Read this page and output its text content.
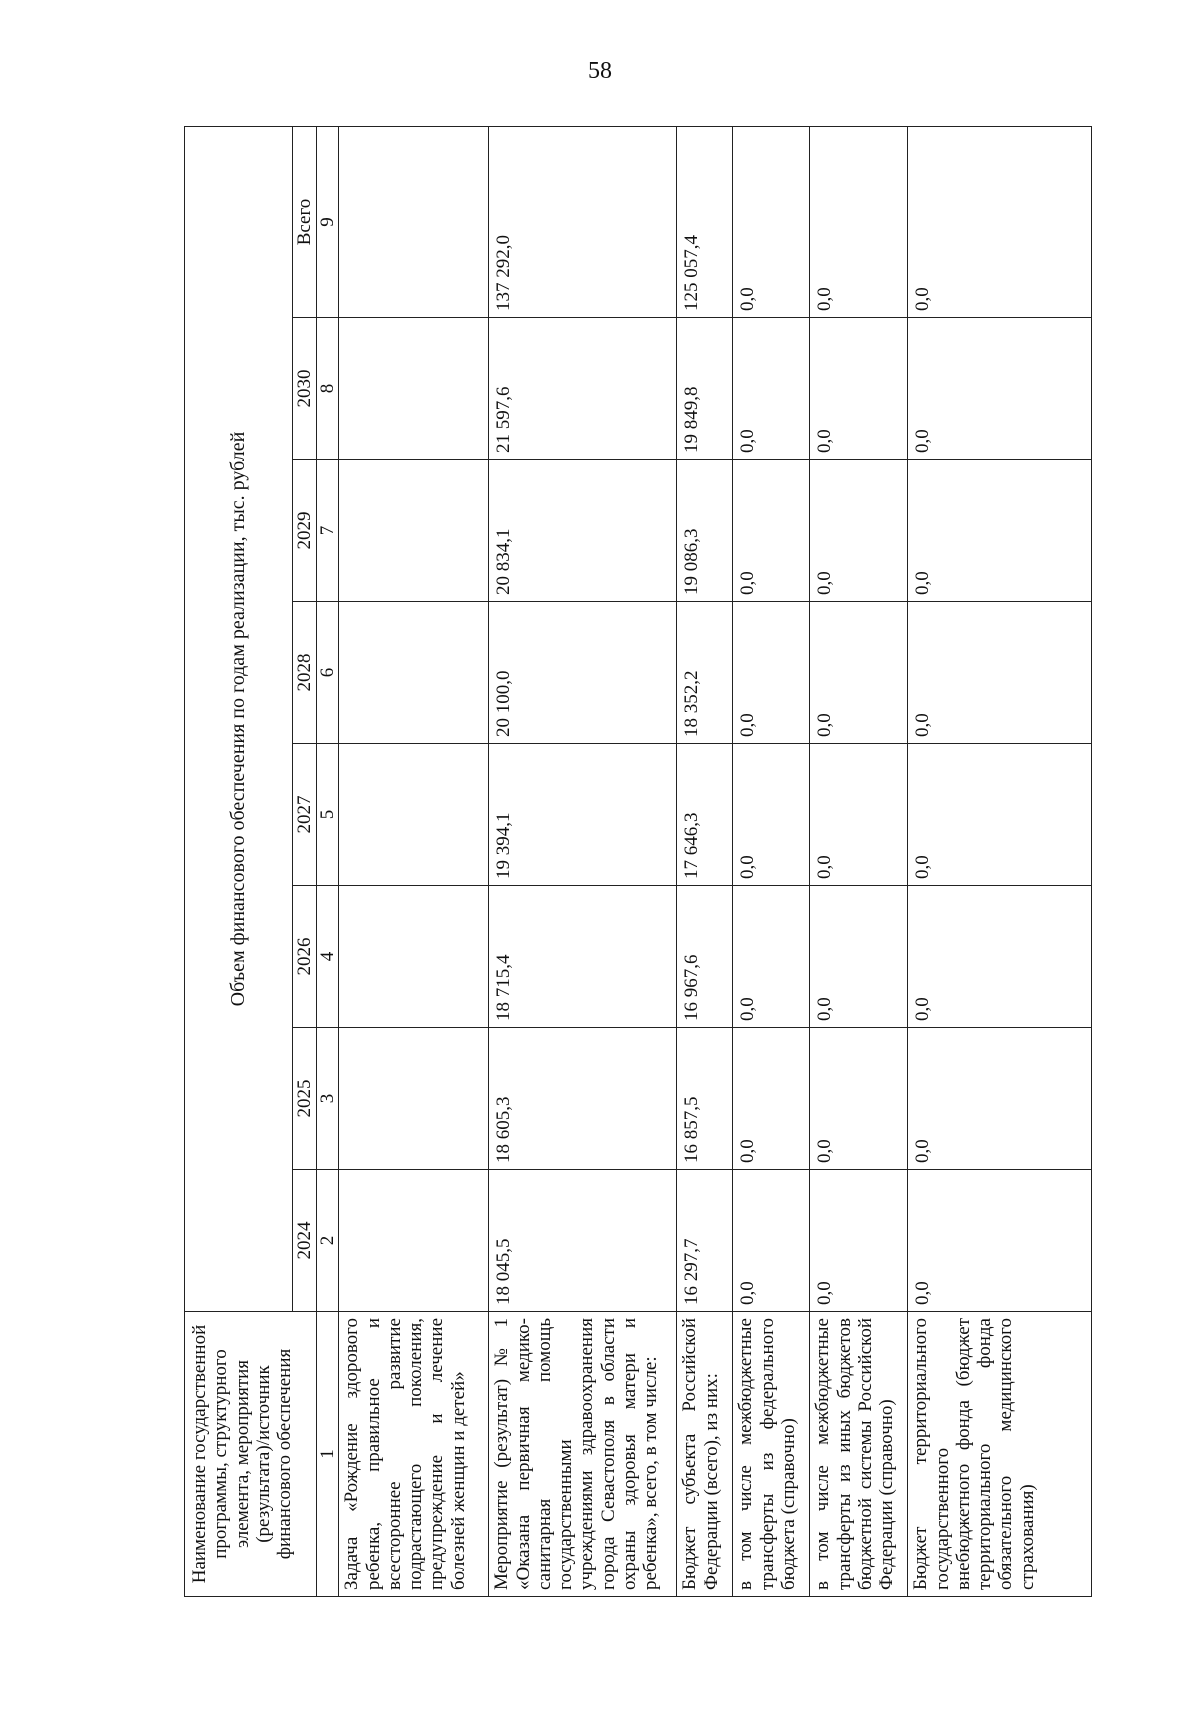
58
Наименование государственной программы, структурного элемента, мероприятия (результата)/источник финансового обеспечения	Объем финансового обеспечения по годам реализации, тыс. рублей							
	2024	2025	2026	2027	2028	2029	2030	Всего
1	2	3	4	5	6	7	8	9
Задача «Рождение здорового ребенка, правильное и всестороннее развитие подрастающего поколения, предупреждение и лечение болезней женщин и детей»								
Мероприятие (результат) № 1 «Оказана первичная медико-санитарная помощь государственными учреждениями здравоохранения города Севастополя в области охраны здоровья матери и ребенка», всего, в том числе:	18 045,5	18 605,3	18 715,4	19 394,1	20 100,0	20 834,1	21 597,6	137 292,0
Бюджет субъекта Российской Федерации (всего), из них:	16 297,7	16 857,5	16 967,6	17 646,3	18 352,2	19 086,3	19 849,8	125 057,4
в том числе межбюджетные трансферты из федерального бюджета (справочно)	0,0	0,0	0,0	0,0	0,0	0,0	0,0	0,0
в том числе межбюджетные трансферты из иных бюджетов бюджетной системы Российской Федерации (справочно)	0,0	0,0	0,0	0,0	0,0	0,0	0,0	0,0
Бюджет территориального государственного внебюджетного фонда (бюджет территориального фонда обязательного медицинского страхования)	0,0	0,0	0,0	0,0	0,0	0,0	0,0	0,0
